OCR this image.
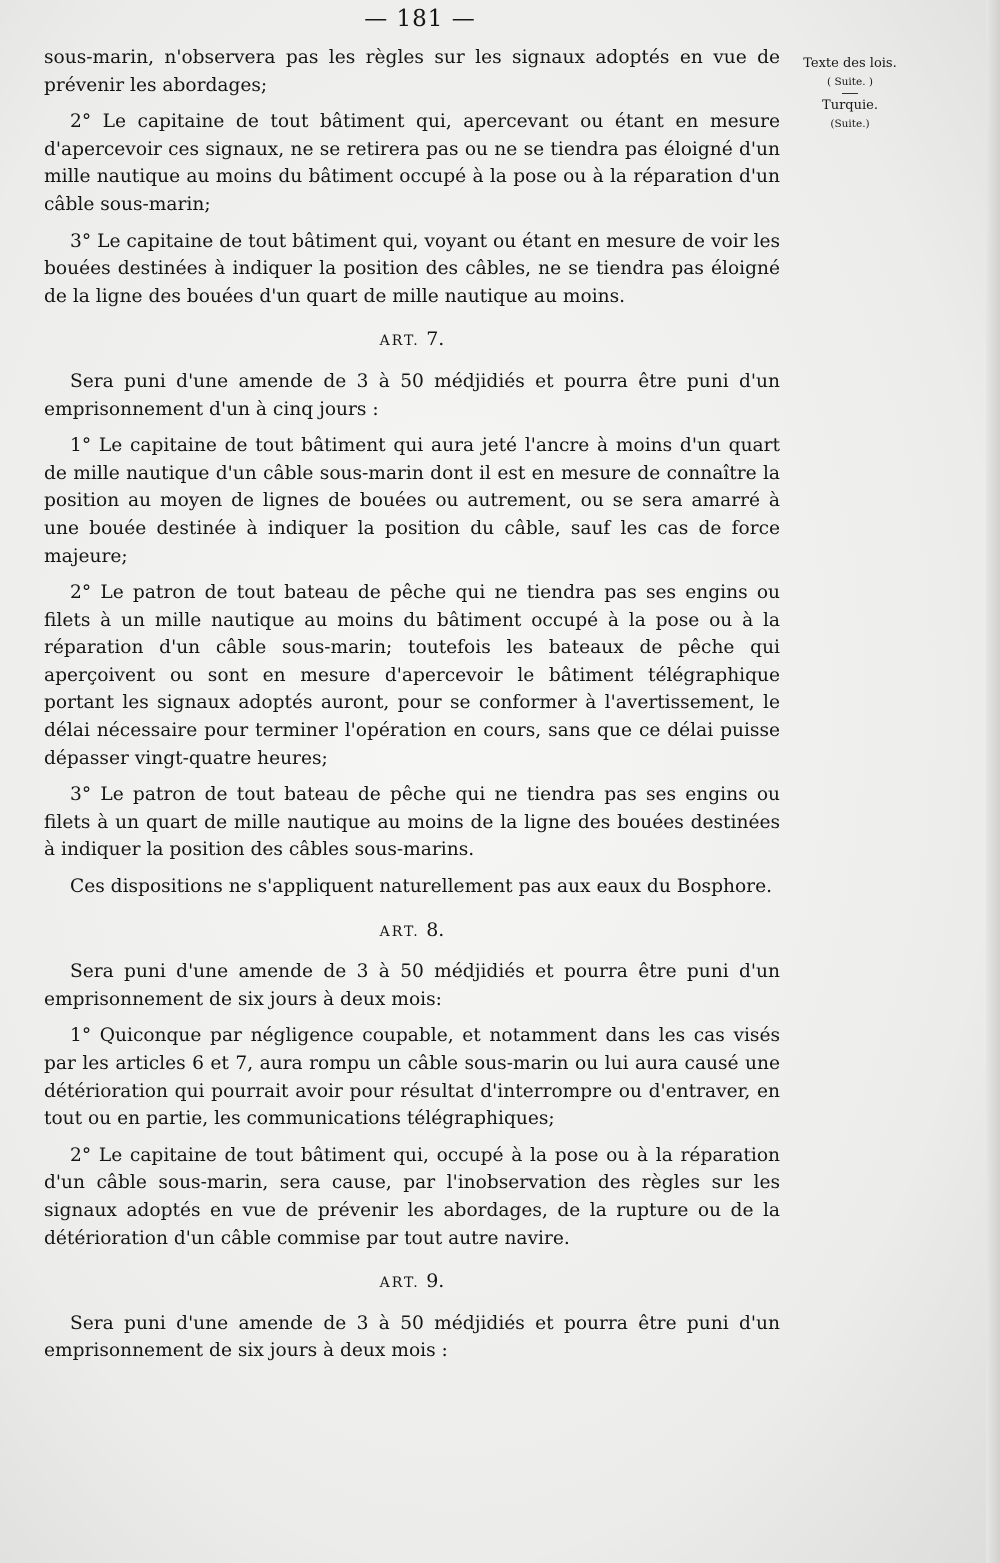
— 181 —
Texte des lois.
( Suite. )
Turquie.
(Suite.)

sous-marin, n'observera pas les règles sur les signaux adoptés en vue de prévenir les abordages;

2° Le capitaine de tout bâtiment qui, apercevant ou étant en mesure d'apercevoir ces signaux, ne se retirera pas ou ne se tiendra pas éloigné d'un mille nautique au moins du bâtiment occupé à la pose ou à la réparation d'un câble sous-marin;

3° Le capitaine de tout bâtiment qui, voyant ou étant en mesure de voir les bouées destinées à indiquer la position des câbles, ne se tiendra pas éloigné de la ligne des bouées d'un quart de mille nautique au moins.

ART. 7.

Sera puni d'une amende de 3 à 50 médjidiés et pourra être puni d'un emprisonnement d'un à cinq jours :

1° Le capitaine de tout bâtiment qui aura jeté l'ancre à moins d'un quart de mille nautique d'un câble sous-marin dont il est en mesure de connaître la position au moyen de lignes de bouées ou autrement, ou se sera amarré à une bouée destinée à indiquer la position du câble, sauf les cas de force majeure;

2° Le patron de tout bateau de pêche qui ne tiendra pas ses engins ou filets à un mille nautique au moins du bâtiment occupé à la pose ou à la réparation d'un câble sous-marin; toutefois les bateaux de pêche qui aperçoivent ou sont en mesure d'apercevoir le bâtiment télégraphique portant les signaux adoptés auront, pour se conformer à l'avertissement, le délai nécessaire pour terminer l'opération en cours, sans que ce délai puisse dépasser vingt-quatre heures;

3° Le patron de tout bateau de pêche qui ne tiendra pas ses engins ou filets à un quart de mille nautique au moins de la ligne des bouées destinées à indiquer la position des câbles sous-marins.

Ces dispositions ne s'appliquent naturellement pas aux eaux du Bosphore.

ART. 8.

Sera puni d'une amende de 3 à 50 médjidiés et pourra être puni d'un emprisonnement de six jours à deux mois:

1° Quiconque par négligence coupable, et notamment dans les cas visés par les articles 6 et 7, aura rompu un câble sous-marin ou lui aura causé une détérioration qui pourrait avoir pour résultat d'interrompre ou d'entraver, en tout ou en partie, les communications télégraphiques;

2° Le capitaine de tout bâtiment qui, occupé à la pose ou à la réparation d'un câble sous-marin, sera cause, par l'inobservation des règles sur les signaux adoptés en vue de prévenir les abordages, de la rupture ou de la détérioration d'un câble commise par tout autre navire.

ART. 9.

Sera puni d'une amende de 3 à 50 médjidiés et pourra être puni d'un emprisonnement de six jours à deux mois :
